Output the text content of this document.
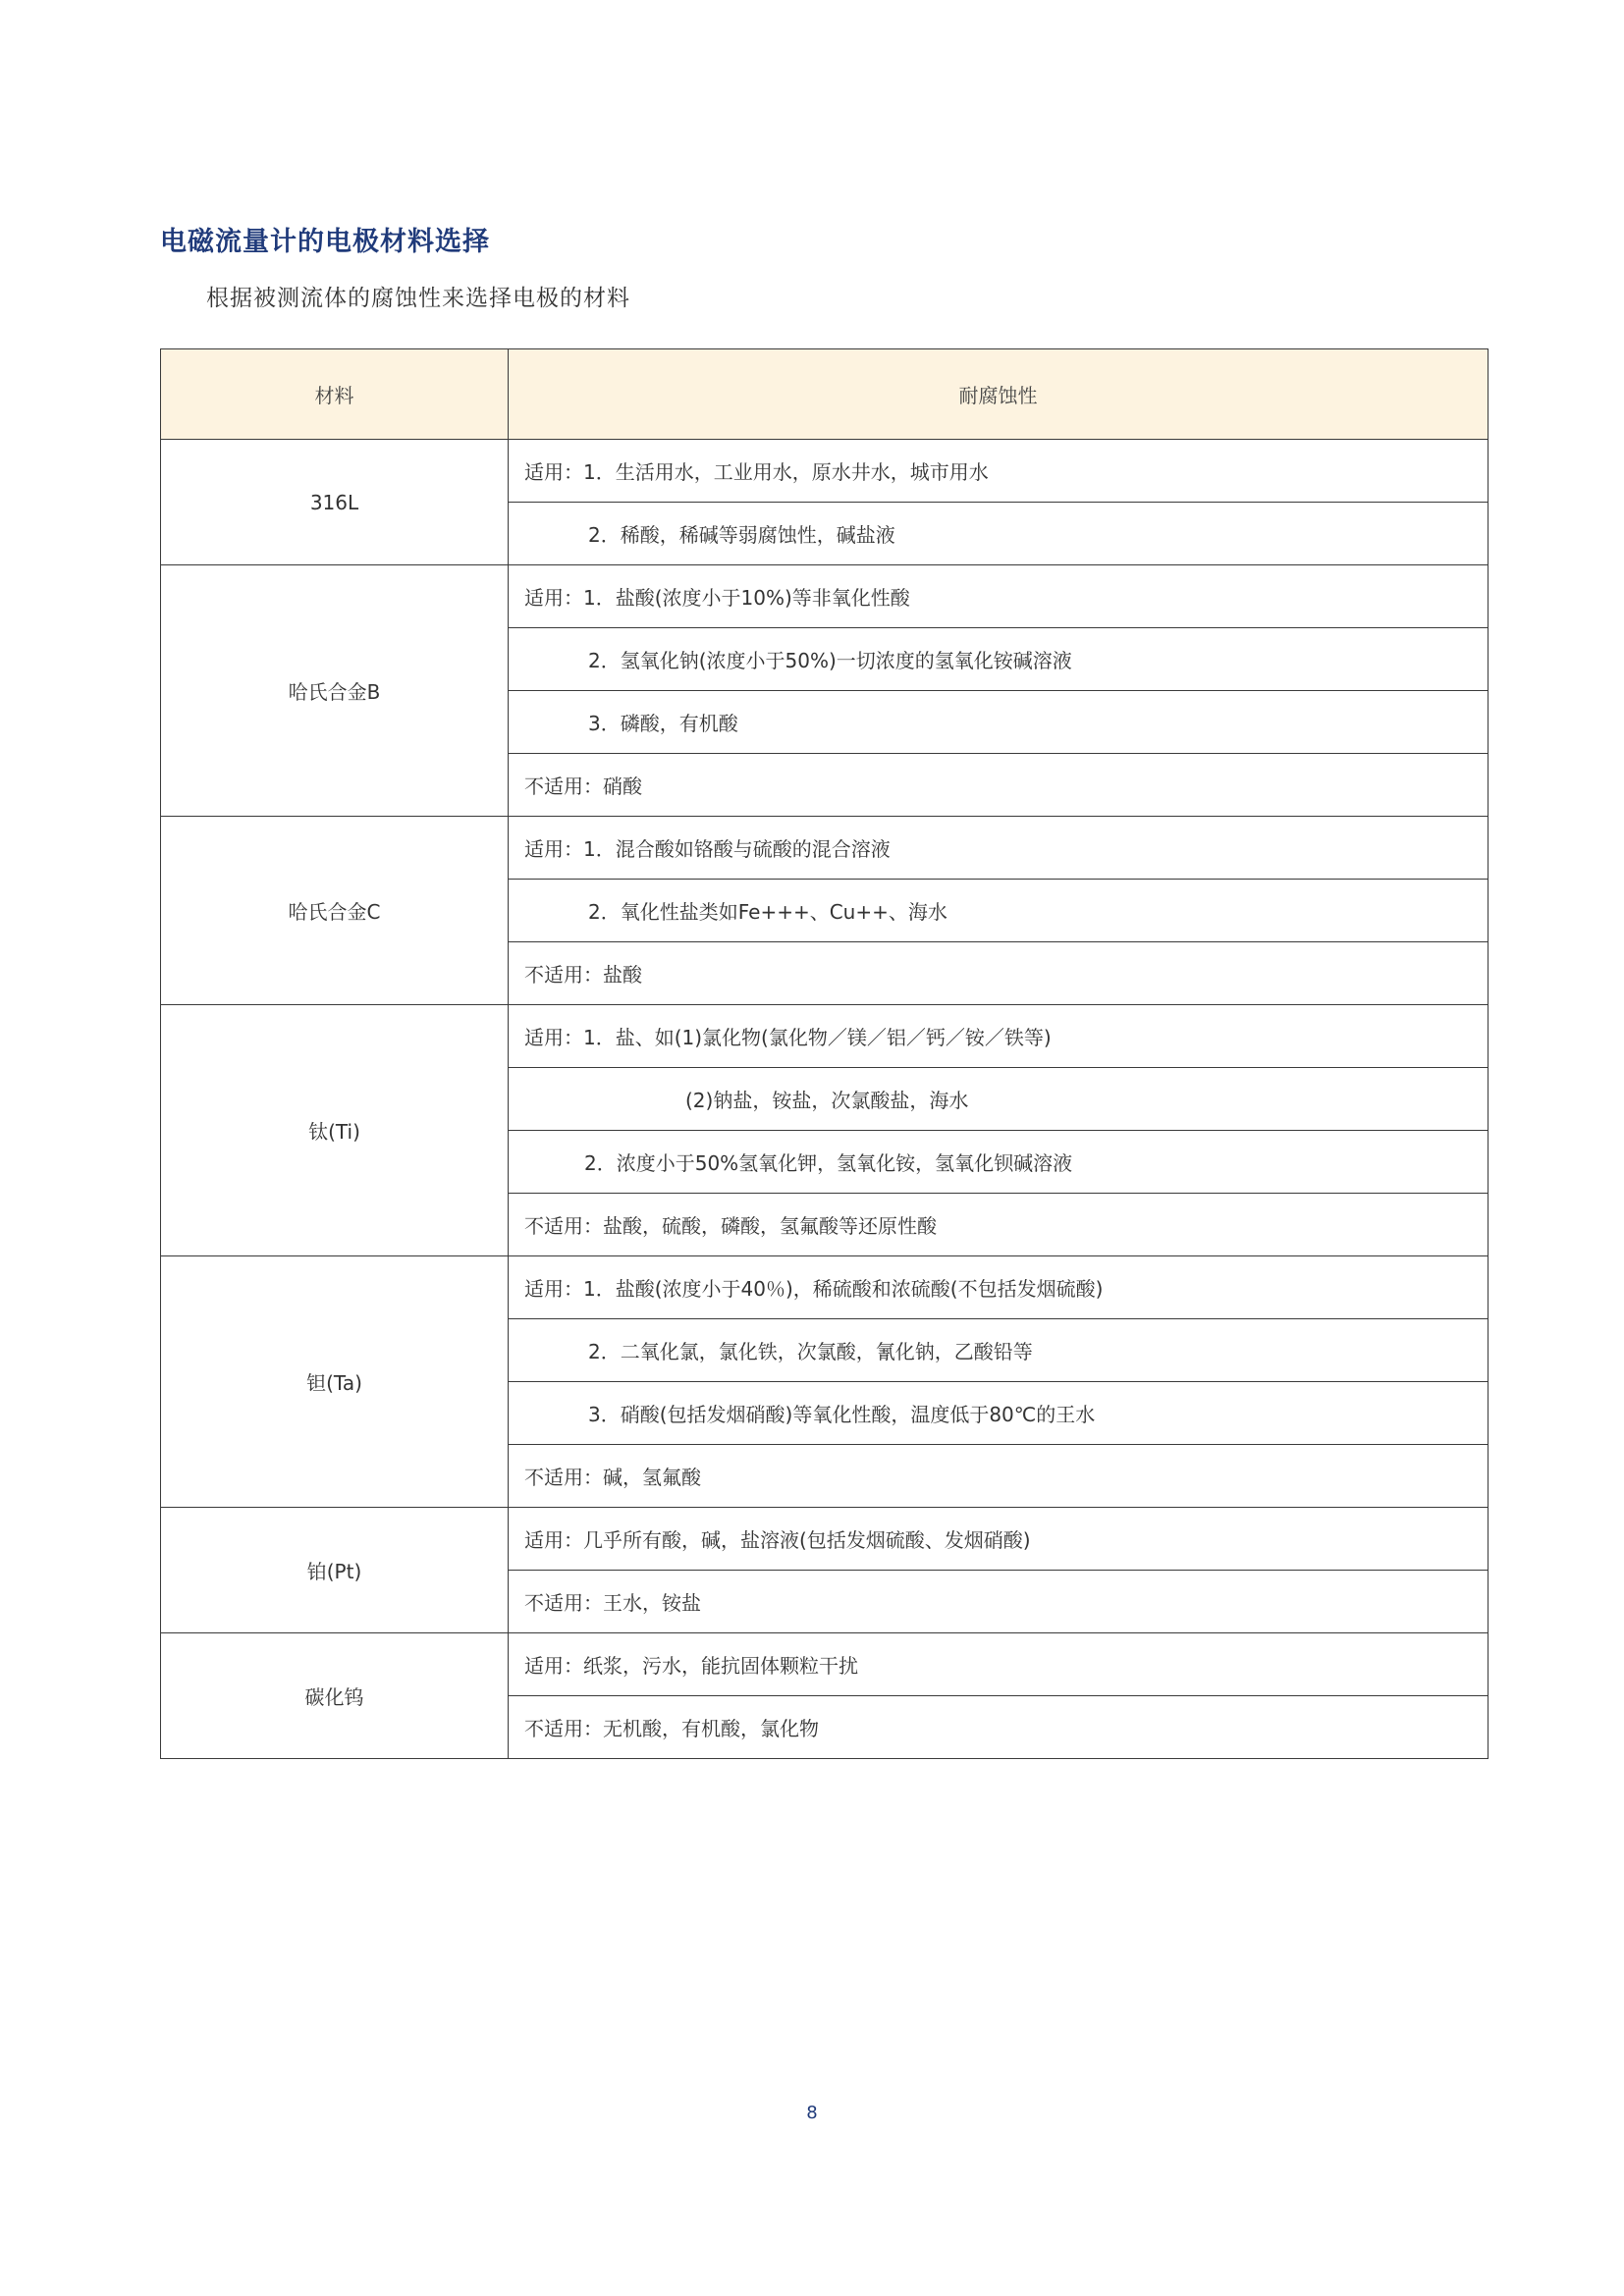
电磁流量计的电极材料选择
根据被测流体的腐蚀性来选择电极的材料
材料	耐腐蚀性
316L	适用：1．生活用水，工业用水，原水井水，城市用水
	2．稀酸，稀碱等弱腐蚀性，碱盐液
哈氏合金B	适用：1．盐酸(浓度小于10%)等非氧化性酸
	2．氢氧化钠(浓度小于50%)一切浓度的氢氧化铵碱溶液
	3．磷酸，有机酸
	不适用：硝酸
哈氏合金C	适用：1．混合酸如铬酸与硫酸的混合溶液
	2．氧化性盐类如Fe+++、Cu++、海水
	不适用：盐酸
钛(Ti)	适用：1．盐、如(1)氯化物(氯化物／镁／铝／钙／铵／铁等)
	(2)钠盐，铵盐，次氯酸盐，海水
	2．浓度小于50%氢氧化钾，氢氧化铵，氢氧化钡碱溶液
	不适用：盐酸，硫酸，磷酸，氢氟酸等还原性酸
钽(Ta)	适用：1．盐酸(浓度小于40％)，稀硫酸和浓硫酸(不包括发烟硫酸)
	2．二氧化氯，氯化铁，次氯酸，氰化钠，乙酸铅等
	3．硝酸(包括发烟硝酸)等氧化性酸，温度低于80℃的王水
	不适用：碱，氢氟酸
铂(Pt)	适用：几乎所有酸，碱，盐溶液(包括发烟硫酸、发烟硝酸)
	不适用：王水，铵盐
碳化钨	适用：纸浆，污水，能抗固体颗粒干扰
	不适用：无机酸，有机酸，氯化物
8
